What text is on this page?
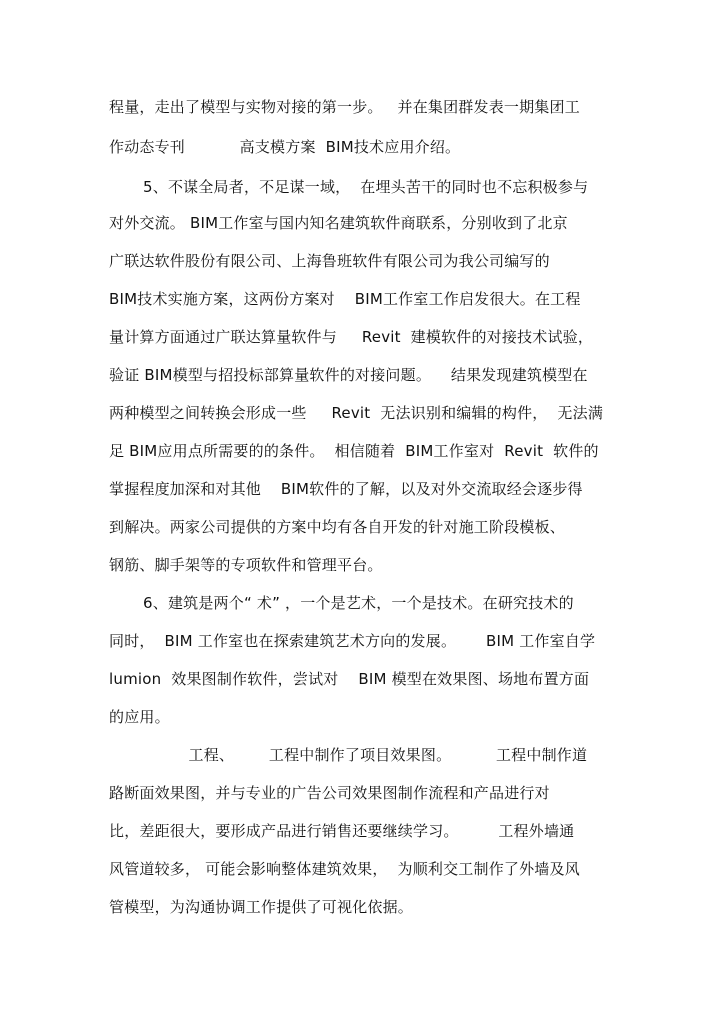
程量，走出了模型与实物对接的第一步。   并在集团群发表一期集团工
作动态专刊           高支模方案  BIM技术应用介绍。
5、不谋全局者，不足谋一域，  在埋头苦干的同时也不忘积极参与
对外交流。 BIM工作室与国内知名建筑软件商联系，分别收到了北京
广联达软件股份有限公司、上海鲁班软件有限公司为我公司编写的
BIM技术实施方案，这两份方案对    BIM工作室工作启发很大。在工程
量计算方面通过广联达算量软件与     Revit  建模软件的对接技术试验，
验证 BIM模型与招投标部算量软件的对接问题。    结果发现建筑模型在
两种模型之间转换会形成一些     Revit  无法识别和编辑的构件，  无法满
足 BIM应用点所需要的的条件。  相信随着  BIM工作室对  Revit  软件的
掌握程度加深和对其他    BIM软件的了解，以及对外交流取经会逐步得
到解决。两家公司提供的方案中均有各自开发的针对施工阶段模板、
钢筋、脚手架等的专项软件和管理平台。
6、建筑是两个“ 术” ，一个是艺术，一个是技术。在研究技术的
同时，  BIM 工作室也在探索建筑艺术方向的发展。      BIM 工作室自学
lumion  效果图制作软件，尝试对    BIM 模型在效果图、场地布置方面
的应用。
工程、       工程中制作了项目效果图。         工程中制作道
路断面效果图，并与专业的广告公司效果图制作流程和产品进行对
比，差距很大，要形成产品进行销售还要继续学习。        工程外墙通
风管道较多， 可能会影响整体建筑效果，  为顺利交工制作了外墙及风
管模型，为沟通协调工作提供了可视化依据。
